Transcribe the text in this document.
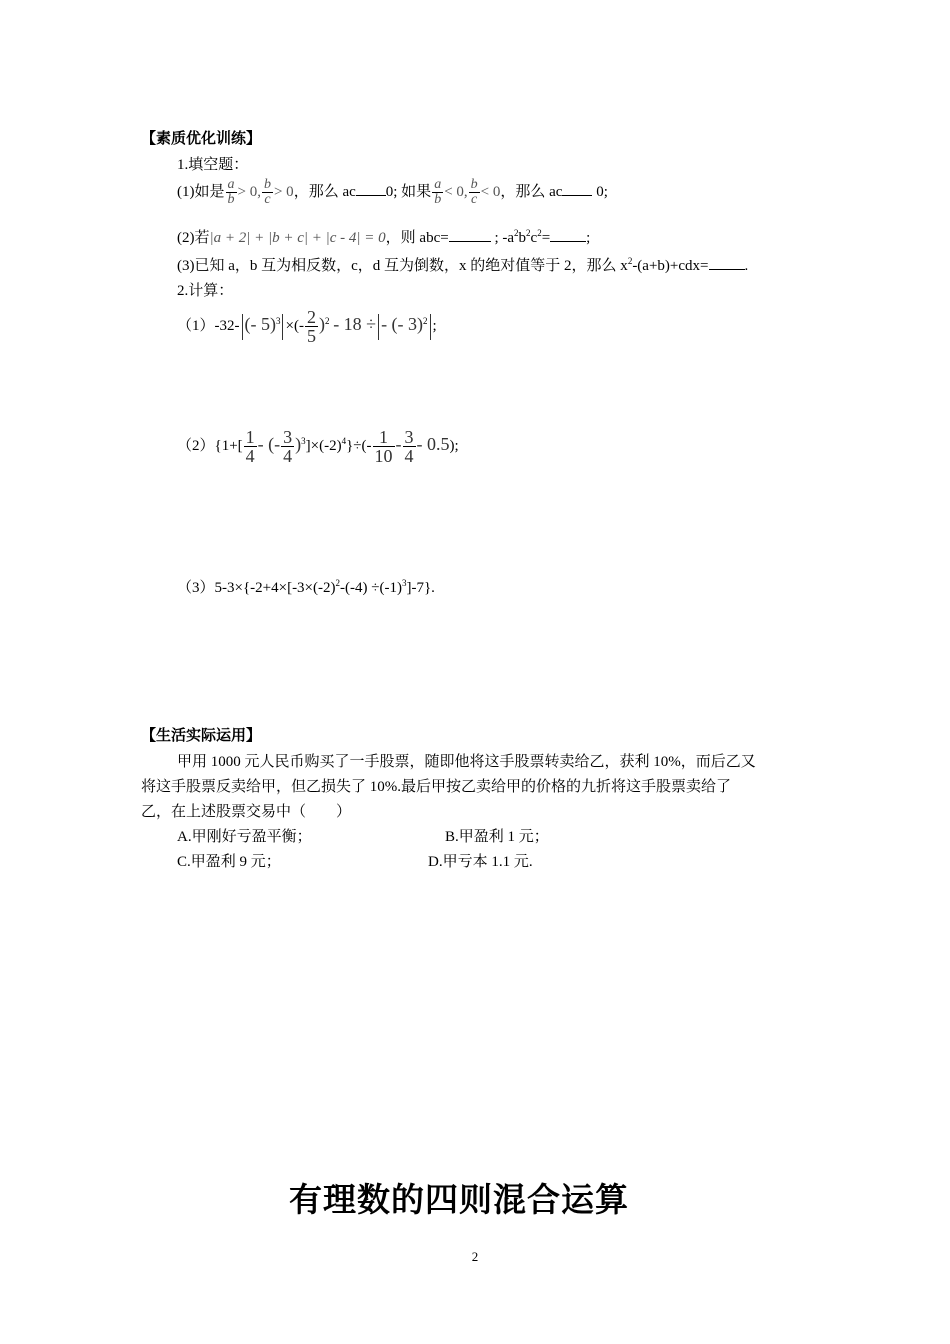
【素质优化训练】
1.填空题：
(1)如是 $\frac{a}{b} > 0$, $\frac{b}{c} > 0$，那么 ac 0; 如果 $\frac{a}{b} < 0$, $\frac{b}{c} < 0$，那么 ac 0;
(2)若|a + 2| + |b + c| + |c - 4| = 0，则 abc=	; $-a^2b^2c^2=$ ;
(3)已知 a，b 互为相反数，c，d 互为倒数，x 的绝对值等于 2，那么 $x^2-(a+b)+cdx=$ .
2.计算：
（1）-32- (- 5)$^3$ ×(- $\frac{2}{5} )^2 - 18$ ÷ - (- 3)$^2$ ;
$(2)\{1+[ \frac{1}{4}$ - (- $\frac{3}{4} )^3]\times(-2)^4\}\div(- \frac{1}{10} - \frac{3}{4} - 0.5)$;
$(3)5-3\times\{-2+4\times[-3\times(-2)^2-(-4) \div(-1)^3]-7\}$.
【生活实际运用】
甲用 1000 元人民币购买了一手股票，随即他将这手股票转卖给乙，获利 10%，而后乙又
将这手股票反卖给甲，但乙损失了 10%.最后甲按乙卖给甲的价格的九折将这手股票卖给了
乙，在上述股票交易中（　　）
A.甲刚好亏盈平衡；	B.甲盈利 1 元；
C.甲盈利 9 元；	D.甲亏本 1.1 元.
有理数的四则混合运算
2
